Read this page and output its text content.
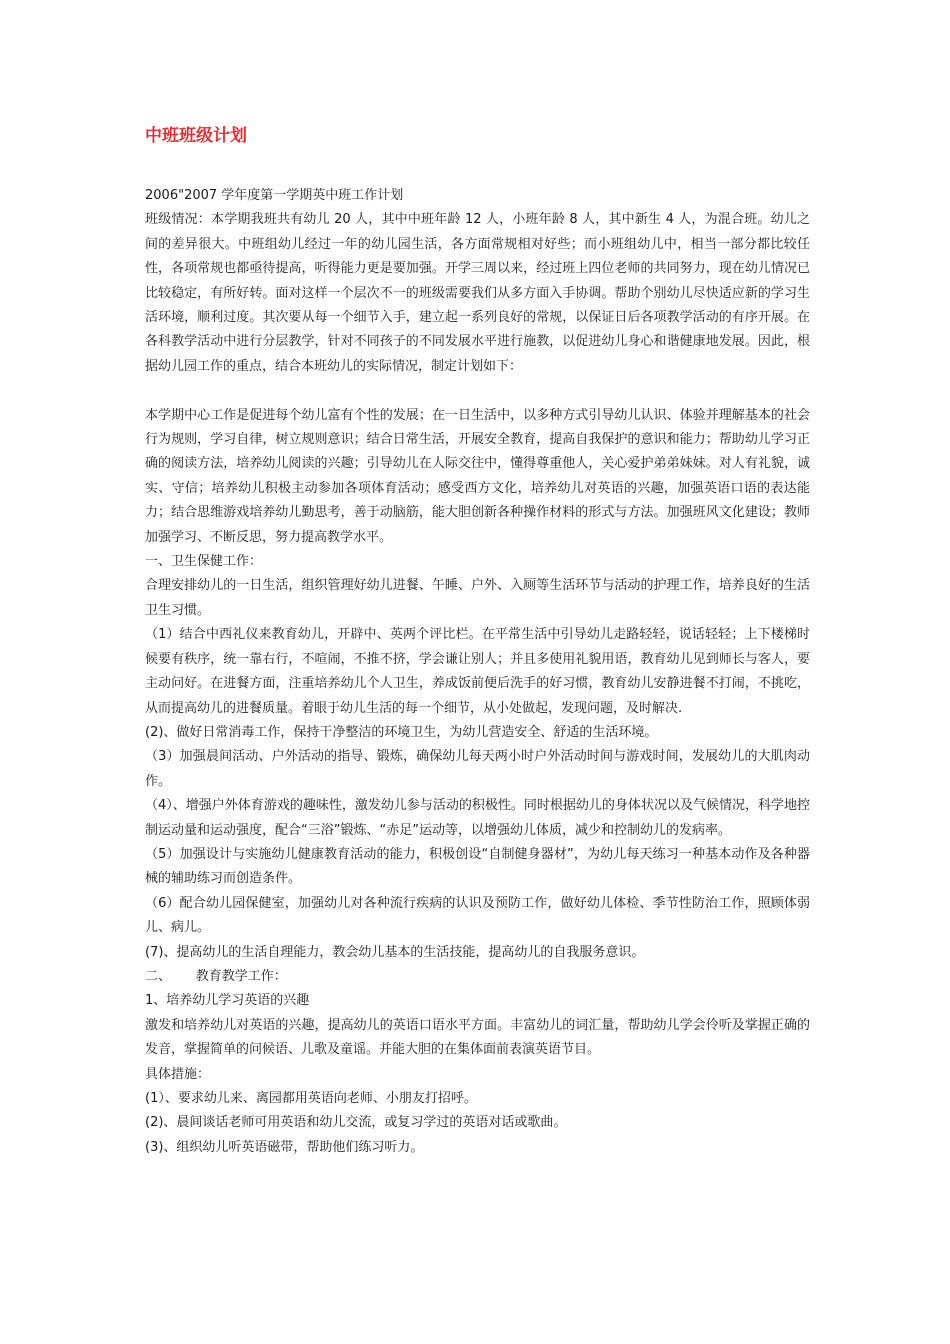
中班班级计划

2006"2007 学年度第一学期英中班工作计划

班级情况：本学期我班共有幼儿 20 人，其中中班年龄 12 人，小班年龄 8 人，其中新生 4 人，为混合班。幼儿之间的差异很大。中班组幼儿经过一年的幼儿园生活，各方面常规相对好些；而小班组幼儿中，相当一部分都比较任性，各项常规也都亟待提高，听得能力更是要加强。开学三周以来，经过班上四位老师的共同努力，现在幼儿情况已比较稳定，有所好转。面对这样一个层次不一的班级需要我们从多方面入手协调。帮助个别幼儿尽快适应新的学习生活环境，顺利过度。其次要从每一个细节入手，建立起一系列良好的常规，以保证日后各项教学活动的有序开展。在各科教学活动中进行分层教学，针对不同孩子的不同发展水平进行施教，以促进幼儿身心和谐健康地发展。因此，根据幼儿园工作的重点，结合本班幼儿的实际情况，制定计划如下：

本学期中心工作是促进每个幼儿富有个性的发展；在一日生活中，以多种方式引导幼儿认识、体验并理解基本的社会行为规则，学习自律，树立规则意识；结合日常生活，开展安全教育，提高自我保护的意识和能力；帮助幼儿学习正确的阅读方法，培养幼儿阅读的兴趣；引导幼儿在人际交往中，懂得尊重他人，关心爱护弟弟妹妹。对人有礼貌，诚实、守信；培养幼儿积极主动参加各项体育活动；感受西方文化，培养幼儿对英语的兴趣，加强英语口语的表达能力；结合思维游戏培养幼儿勤思考，善于动脑筋，能大胆创新各种操作材料的形式与方法。加强班风文化建设；教师加强学习、不断反思，努力提高教学水平。

一、卫生保健工作：

合理安排幼儿的一日生活，组织管理好幼儿进餐、午睡、户外、入厕等生活环节与活动的护理工作，培养良好的生活卫生习惯。

（1）结合中西礼仪来教育幼儿，开辟中、英两个评比栏。在平常生活中引导幼儿走路轻轻，说话轻轻；上下楼梯时候要有秩序，统一靠右行，不喧闹，不推不挤，学会谦让别人；并且多使用礼貌用语，教育幼儿见到师长与客人，要主动问好。在进餐方面，注重培养幼儿个人卫生，养成饭前便后洗手的好习惯，教育幼儿安静进餐不打闹，不挑吃，从而提高幼儿的进餐质量。着眼于幼儿生活的每一个细节，从小处做起，发现问题，及时解决.

(2)、做好日常消毒工作，保持干净整洁的环境卫生，为幼儿营造安全、舒适的生活环境。

（3）加强晨间活动、户外活动的指导、锻炼，确保幼儿每天两小时户外活动时间与游戏时间，发展幼儿的大肌肉动作。

（4）、增强户外体育游戏的趣味性，激发幼儿参与活动的积极性。同时根据幼儿的身体状况以及气候情况，科学地控制运动量和运动强度，配合“三浴”锻炼、“赤足”运动等，以增强幼儿体质，减少和控制幼儿的发病率。

（5）加强设计与实施幼儿健康教育活动的能力，积极创设“自制健身器材”，为幼儿每天练习一种基本动作及各种器械的辅助练习而创造条件。

（6）配合幼儿园保健室，加强幼儿对各种流行疾病的认识及预防工作，做好幼儿体检、季节性防治工作，照顾体弱儿、病儿。

(7)、提高幼儿的生活自理能力，教会幼儿基本的生活技能，提高幼儿的自我服务意识。

二、      教育教学工作：

1、培养幼儿学习英语的兴趣

激发和培养幼儿对英语的兴趣，提高幼儿的英语口语水平方面。丰富幼儿的词汇量，帮助幼儿学会伶听及掌握正确的发音，掌握简单的问候语、儿歌及童谣。并能大胆的在集体面前表演英语节目。

具体措施：

(1）、要求幼儿来、离园都用英语向老师、小朋友打招呼。

(2)、晨间谈话老师可用英语和幼儿交流，或复习学过的英语对话或歌曲。

(3)、组织幼儿听英语磁带，帮助他们练习听力。
